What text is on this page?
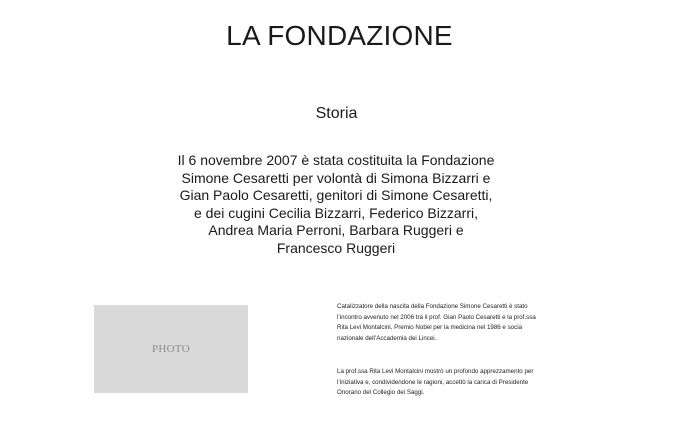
LA FONDAZIONE
Storia

Il 6 novembre 2007 è stata costituita la Fondazione Simone Cesaretti per volontà di Simona Bizzarri e Gian Paolo Cesaretti, genitori di Simone Cesaretti, e dei cugini Cecilia Bizzarri, Federico Bizzarri, Andrea Maria Perroni, Barbara Ruggeri e Francesco Ruggeri

PHOTO

Catalizzatore della nascita della Fondazione Simone Cesaretti è stato l’incontro avvenuto nel 2006 tra il prof. Gian Paolo Cesaretti e la prof.ssa Rita Levi Montalcini, Premio Nobel per la medicina nel 1986 e socia nazionale dell’Accademia dei Lincei.

La prof.ssa Rita Levi Montalcini mostrò un profondo apprezzamento per l’iniziativa e, condividendone le ragioni, accettò la carica di Presidente Onorario del Collegio dei Saggi.
